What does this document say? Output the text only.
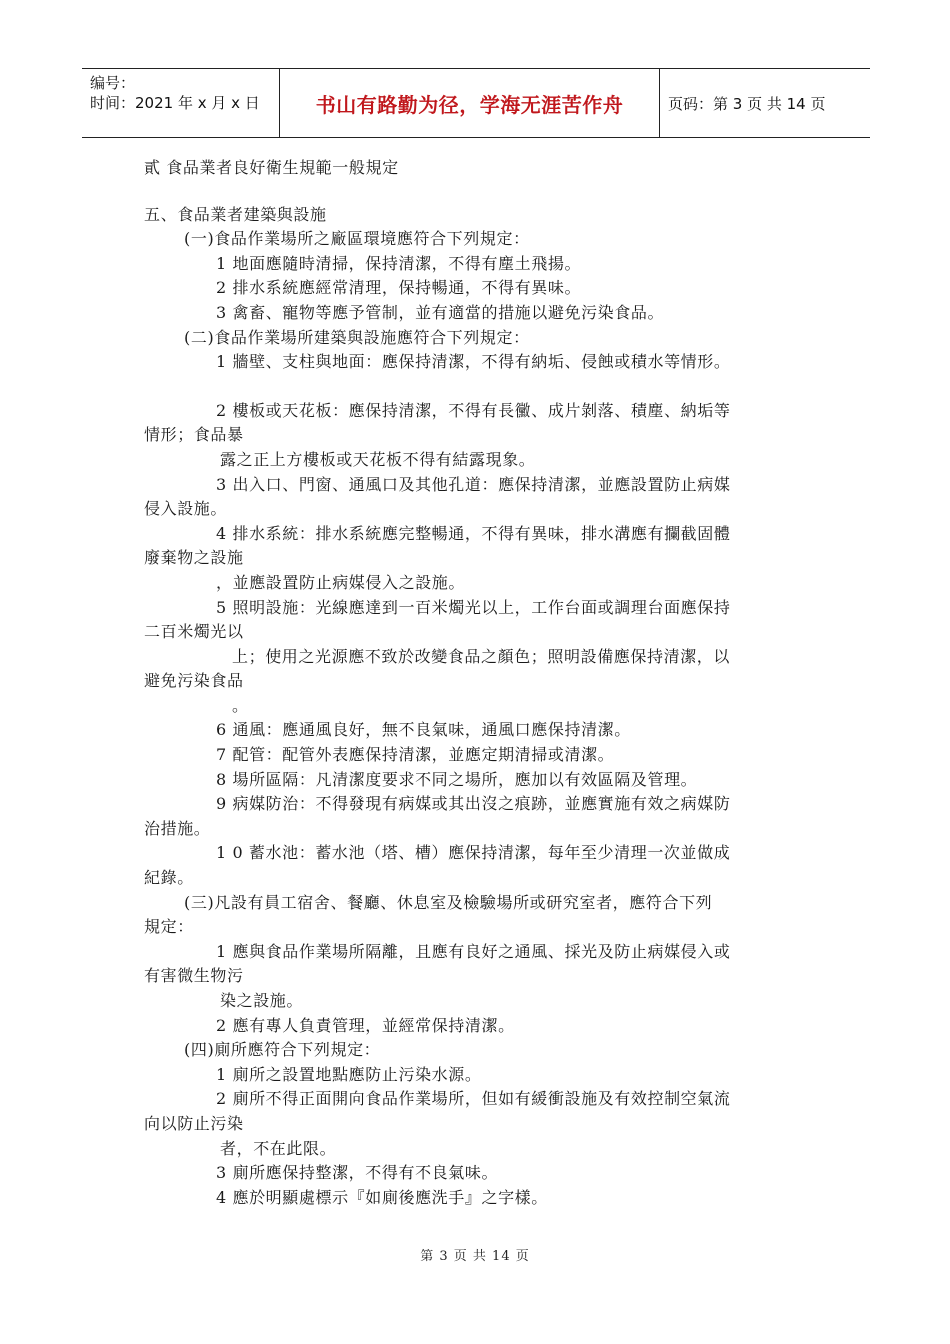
编号：
时间：2021 年 x 月 x 日	书山有路勤为径，学海无涯苦作舟	页码：第 3 页 共 14 页
貳 食品業者良好衛生規範一般規定
五、食品業者建築與設施
(一)食品作業場所之廠區環境應符合下列規定：
1 地面應隨時清掃，保持清潔，不得有塵土飛揚。
2 排水系統應經常清理，保持暢通，不得有異味。
3 禽畜、寵物等應予管制，並有適當的措施以避免污染食品。
(二)食品作業場所建築與設施應符合下列規定：
1 牆壁、支柱與地面：應保持清潔，不得有納垢、侵蝕或積水等情形。
2 樓板或天花板：應保持清潔，不得有長黴、成片剝落、積塵、納垢等
情形；食品暴
露之正上方樓板或天花板不得有結露現象。
3 出入口、門窗、通風口及其他孔道：應保持清潔，並應設置防止病媒
侵入設施。
4 排水系統：排水系統應完整暢通，不得有異味，排水溝應有攔截固體
廢棄物之設施
，並應設置防止病媒侵入之設施。
5 照明設施：光線應達到一百米燭光以上，工作台面或調理台面應保持
二百米燭光以
上；使用之光源應不致於改變食品之顏色；照明設備應保持清潔，以
避免污染食品
。
6 通風：應通風良好，無不良氣味，通風口應保持清潔。
7 配管：配管外表應保持清潔，並應定期清掃或清潔。
8 場所區隔：凡清潔度要求不同之場所，應加以有效區隔及管理。
9 病媒防治：不得發現有病媒或其出沒之痕跡，並應實施有效之病媒防
治措施。
1 0 蓄水池：蓄水池（塔、槽）應保持清潔，每年至少清理一次並做成
紀錄。
(三)凡設有員工宿舍、餐廳、休息室及檢驗場所或研究室者，應符合下列
規定：
1 應與食品作業場所隔離，且應有良好之通風、採光及防止病媒侵入或
有害微生物污
染之設施。
2 應有專人負責管理，並經常保持清潔。
(四)廁所應符合下列規定：
1 廁所之設置地點應防止污染水源。
2 廁所不得正面開向食品作業場所，但如有緩衝設施及有效控制空氣流
向以防止污染
者，不在此限。
3 廁所應保持整潔，不得有不良氣味。
4 應於明顯處標示『如廁後應洗手』之字樣。
第 3 页 共 14 页
